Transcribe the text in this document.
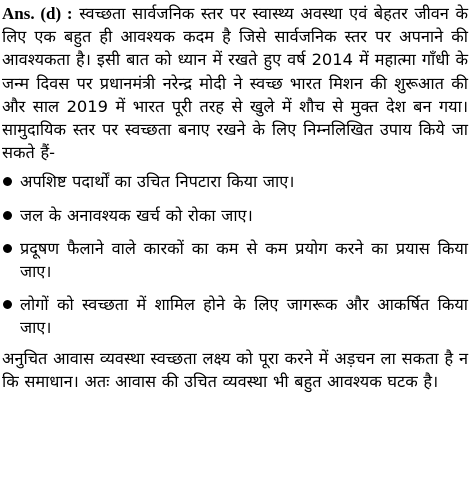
Ans. (d) : स्वच्छता सार्वजनिक स्तर पर स्वास्थ्य अवस्था एवं बेहतर जीवन के लिए एक बहुत ही आवश्यक कदम है जिसे सार्वजनिक स्तर पर अपनाने की आवश्यकता है। इसी बात को ध्यान में रखते हुए वर्ष 2014 में महात्मा गाँधी के जन्म दिवस पर प्रधानमंत्री नरेन्द्र मोदी ने स्वच्छ भारत मिशन की शुरूआत की और साल 2019 में भारत पूरी तरह से खुले में शौच से मुक्त देश बन गया। सामुदायिक स्तर पर स्वच्छता बनाए रखने के लिए निम्नलिखित उपाय किये जा सकते हैं-

अपशिष्ट पदार्थों का उचित निपटारा किया जाए।
जल के अनावश्यक खर्च को रोका जाए।
प्रदूषण फैलाने वाले कारकों का कम से कम प्रयोग करने का प्रयास किया जाए।
लोगों को स्वच्छता में शामिल होने के लिए जागरूक और आकर्षित किया जाए।

अनुचित आवास व्यवस्था स्वच्छता लक्ष्य को पूरा करने में अड़चन ला सकता है न कि समाधान। अतः आवास की उचित व्यवस्था भी बहुत आवश्यक घटक है।
